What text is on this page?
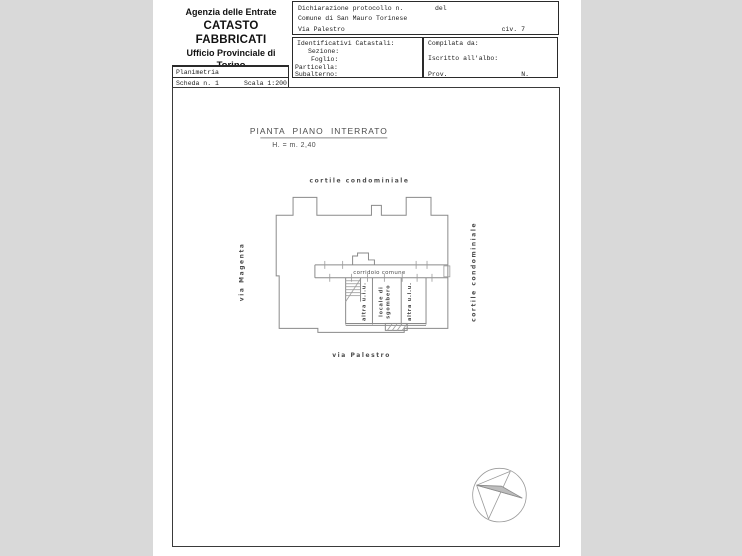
Agenzia delle Entrate
CATASTO FABBRICATI
Ufficio Provinciale di
Dichiarazione protocollo n.	del
Comune di San Mauro Torinese
Via Palestro	civ. 7
Identificativi Catastali:
Sezione:
Foglio:
Particella:
Subalterno:
Compilata da:
Iscritto all'albo:
Prov.	N.
Planimetria
Scheda n. 1	Scala 1:200
PIANTA PIANO INTERRATO
H. = m. 2,40
cortile condominiale
via Magenta	cortile condominiale
via Palestro
corridoio comune
altra u.i.u. locale di sgombero	altra u.i.u.
